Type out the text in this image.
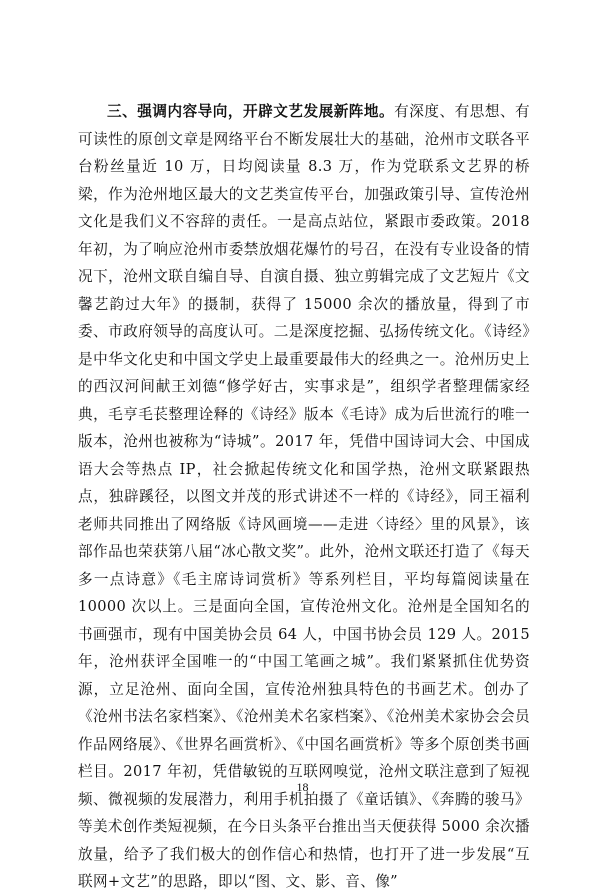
三、强调内容导向，开辟文艺发展新阵地。有深度、有思想、有可读性的原创文章是网络平台不断发展壮大的基础，沧州市文联各平台粉丝量近 10 万，日均阅读量 8.3 万，作为党联系文艺界的桥梁，作为沧州地区最大的文艺类宣传平台，加强政策引导、宣传沧州文化是我们义不容辞的责任。一是高点站位，紧跟市委政策。2018 年初，为了响应沧州市委禁放烟花爆竹的号召，在没有专业设备的情况下，沧州文联自编自导、自演自摄、独立剪辑完成了文艺短片《文馨艺韵过大年》的摄制，获得了 15000 余次的播放量，得到了市委、市政府领导的高度认可。二是深度挖掘、弘扬传统文化。《诗经》是中华文化史和中国文学史上最重要最伟大的经典之一。沧州历史上的西汉河间献王刘德“修学好古，实事求是”，组织学者整理儒家经典，毛亨毛苌整理诠释的《诗经》版本《毛诗》成为后世流行的唯一版本，沧州也被称为“诗城”。2017 年，凭借中国诗词大会、中国成语大会等热点 IP，社会掀起传统文化和国学热，沧州文联紧跟热点，独辟蹊径，以图文并茂的形式讲述不一样的《诗经》，同王福利老师共同推出了网络版《诗风画境——走进〈诗经〉里的风景》，该部作品也荣获第八届“冰心散文奖”。此外，沧州文联还打造了《每天多一点诗意》《毛主席诗词赏析》等系列栏目，平均每篇阅读量在 10000 次以上。三是面向全国，宣传沧州文化。沧州是全国知名的书画强市，现有中国美协会员 64 人，中国书协会员 129 人。2015 年，沧州获评全国唯一的“中国工笔画之城”。我们紧紧抓住优势资源，立足沧州、面向全国，宣传沧州独具特色的书画艺术。创办了《沧州书法名家档案》、《沧州美术名家档案》、《沧州美术家协会会员作品网络展》、《世界名画赏析》、《中国名画赏析》等多个原创类书画栏目。2017 年初，凭借敏锐的互联网嗅觉，沧州文联注意到了短视频、微视频的发展潜力，利用手机拍摄了《童话镇》、《奔腾的骏马》等美术创作类短视频，在今日头条平台推出当天便获得 5000 余次播放量，给予了我们极大的创作信心和热情，也打开了进一步发展“互联网+文艺”的思路，即以“图、文、影、音、像”

18
